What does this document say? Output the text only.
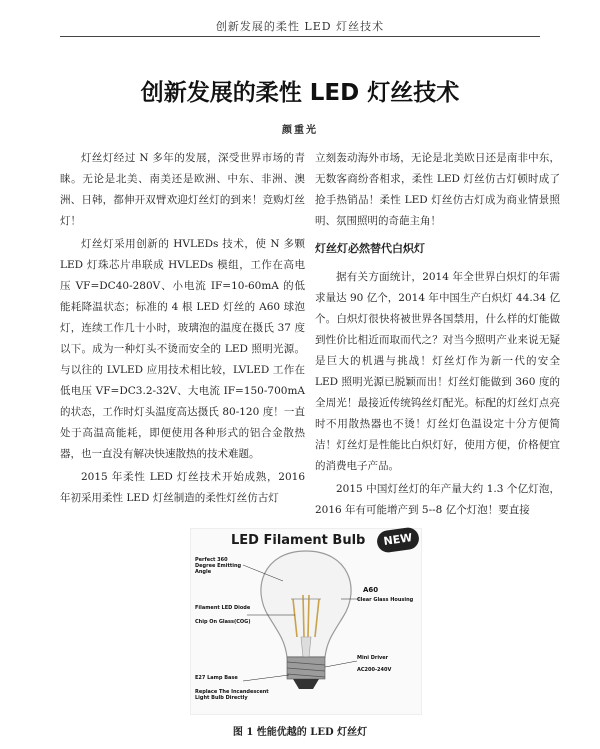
创新发展的柔性 LED 灯丝技术
创新发展的柔性 LED 灯丝技术
颜重光

灯丝灯经过 N 多年的发展，深受世界市场的青睐。无论是北美、南美还是欧洲、中东、非洲、澳洲、日韩，都伸开双臂欢迎灯丝灯的到来！竞购灯丝灯！

灯丝灯采用创新的 HVLEDs 技术，使 N 多颗 LED 灯珠芯片串联成 HVLEDs 模组，工作在高电压 VF=DC40-280V、小电流 IF=10-60mA 的低能耗降温状态；标准的 4 根 LED 灯丝的 A60 球泡灯，连续工作几十小时，玻璃泡的温度在摄氏 37 度以下。成为一种灯头不烫而安全的 LED 照明光源。与以往的 LVLED 应用技术相比较，LVLED 工作在低电压 VF=DC3.2-32V、大电流 IF=150-700mA 的状态，工作时灯头温度高达摄氏 80-120 度！一直处于高温高能耗，即便使用各种形式的铝合金散热器，也一直没有解决快速散热的技术难题。

2015 年柔性 LED 灯丝技术开始成熟，2016 年初采用柔性 LED 灯丝制造的柔性灯丝仿古灯

立刻轰动海外市场，无论是北美欧日还是南非中东，无数客商纷沓相求，柔性 LED 灯丝仿古灯顿时成了抢手热销品！柔性 LED 灯丝仿古灯成为商业情景照明、氛围照明的奇葩主角！

灯丝灯必然替代白炽灯

据有关方面统计，2014 年全世界白炽灯的年需求量达 90 亿个，2014 年中国生产白炽灯 44.34 亿个。白炽灯很快将被世界各国禁用，什么样的灯能做到性价比相近而取而代之？对当今照明产业来说无疑是巨大的机遇与挑战！灯丝灯作为新一代的安全 LED 照明光源已脱颖而出！灯丝灯能做到 360 度的全周光！最接近传统钨丝灯配光。标配的灯丝灯点亮时不用散热器也不烫！灯丝灯色温设定十分方便简洁！灯丝灯是性能比白炽灯好，使用方便，价格便宜的消费电子产品。

2015 中国灯丝灯的年产量大约 1.3 个亿灯泡，2016 年有可能增产到 5--8 亿个灯泡！要直接

LED Filament Bulb	NEW
Perfect 360 Degree Emitting Angle
Filament LED Diode
Chip On Glass(COG)
A60
Clear Glass Housing
Mini Driver
AC200-240V
E27 Lamp Base
Replace The Incandescent Light Bulb Directly
图 1 性能优越的 LED 灯丝灯
